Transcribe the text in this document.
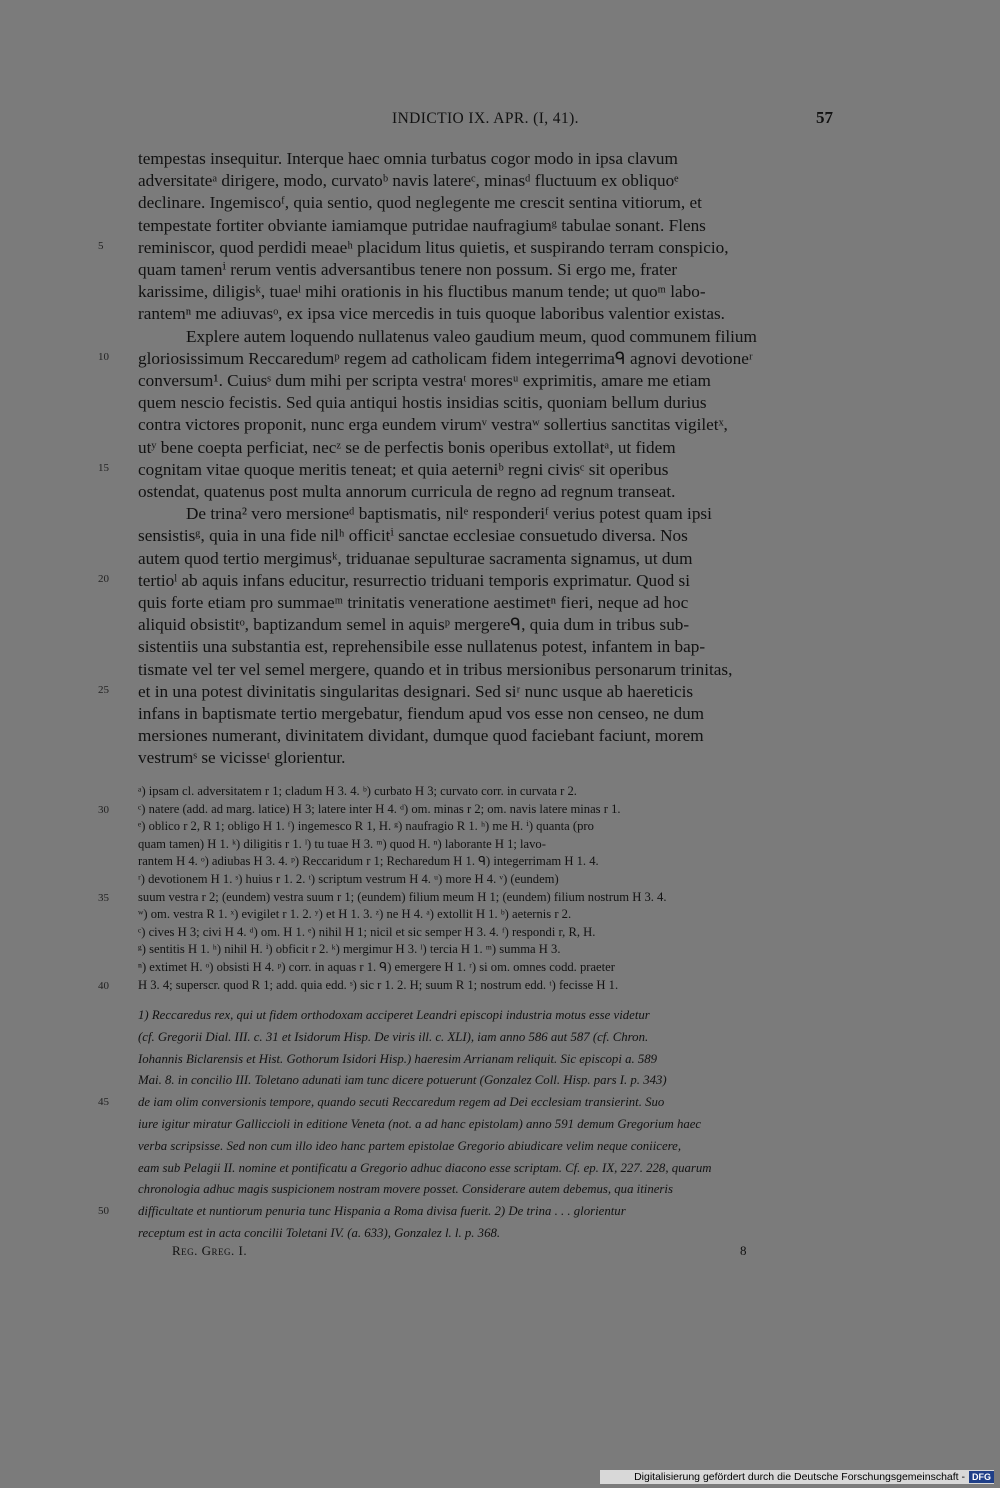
INDICTIO IX. APR. (I, 41).	57
tempestas insequitur. Interque haec omnia turbatus cogor modo in ipsa clavum
adversitateᵃ dirigere, modo, curvatoᵇ navis latereᶜ, minasᵈ fluctuum ex obliquoᵉ
declinare. Ingemiscoᶠ, quia sentio, quod neglegente me crescit sentina vitiorum, et
tempestate fortiter obviante iamiamque putridae naufragiumᵍ tabulae sonant. Flens
reminiscor, quod perdidi meaeʰ placidum litus quietis, et suspirando terram conspicio,
5
quam tamenⁱ rerum ventis adversantibus tenere non possum. Si ergo me, frater
karissime, diligisᵏ, tuaeˡ mihi orationis in his fluctibus manum tende; ut quoᵐ labo-
rantemⁿ me adiuvasᵒ, ex ipsa vice mercedis in tuis quoque laboribus valentior existas.
Explere autem loquendo nullatenus valeo gaudium meum, quod communem filium
gloriosissimum Reccaredumᵖ regem ad catholicam fidem integerrimaᑫ agnovi devotioneʳ
10
conversum¹. Cuiusˢ dum mihi per scripta vestraᵗ moresᵘ exprimitis, amare me etiam
quem nescio fecistis. Sed quia antiqui hostis insidias scitis, quoniam bellum durius
contra victores proponit, nunc erga eundem virumᵛ vestraʷ sollertius sanctitas vigiletˣ,
utʸ bene coepta perficiat, necᶻ se de perfectis bonis operibus extollatᵃ, ut fidem
cognitam vitae quoque meritis teneat; et quia aeterniᵇ regni civisᶜ sit operibus
15
ostendat, quatenus post multa annorum curricula de regno ad regnum transeat.
De trina² vero mersioneᵈ baptismatis, nilᵉ responderiᶠ verius potest quam ipsi
sensistisᵍ, quia in una fide nilʰ officitⁱ sanctae ecclesiae consuetudo diversa. Nos
autem quod tertio mergimusᵏ, triduanae sepulturae sacramenta signamus, ut dum
tertioˡ ab aquis infans educitur, resurrectio triduani temporis exprimatur. Quod si
20
quis forte etiam pro summaeᵐ trinitatis veneratione aestimetⁿ fieri, neque ad hoc
aliquid obsistitᵒ, baptizandum semel in aquisᵖ mergereᑫ, quia dum in tribus sub-
sistentiis una substantia est, reprehensibile esse nullatenus potest, infantem in bap-
tismate vel ter vel semel mergere, quando et in tribus mersionibus personarum trinitas,
et in una potest divinitatis singularitas designari. Sed siʳ nunc usque ab haereticis
25
infans in baptismate tertio mergebatur, fiendum apud vos esse non censeo, ne dum
mersiones numerant, divinitatem dividant, dumque quod faciebant faciunt, morem
vestrumˢ se vicisseᵗ glorientur.
ᵃ) ipsam cl. adversitatem r 1; cladum H 3. 4. ᵇ) curbato H 3; curvato corr. in curvata r 2.
ᶜ) natere (add. ad marg. latice) H 3; latere inter H 4. ᵈ) om. minas r 2; om. navis latere minas r 1.
30
ᵉ) oblico r 2, R 1; obligo H 1. ᶠ) ingemesco R 1, H. ᵍ) naufragio R 1. ʰ) me H. ⁱ) quanta (pro
quam tamen) H 1. ᵏ) diligitis r 1. ˡ) tu tuae H 3. ᵐ) quod H. ⁿ) laborante H 1; lavo-
rantem H 4. ᵒ) adiubas H 3. 4. ᵖ) Reccaridum r 1; Recharedum H 1. ᑫ) integerrimam H 1. 4.
ʳ) devotionem H 1. ˢ) huius r 1. 2. ᵗ) scriptum vestrum H 4. ᵘ) more H 4. ᵛ) (eundem)
suum vestra r 2; (eundem) vestra suum r 1; (eundem) filium meum H 1; (eundem) filium nostrum H 3. 4.
35
ʷ) om. vestra R 1. ˣ) evigilet r 1. 2. ʸ) et H 1. 3. ᶻ) ne H 4. ᵃ) extollit H 1. ᵇ) aeternis r 2.
ᶜ) cives H 3; civi H 4. ᵈ) om. H 1. ᵉ) nihil H 1; nicil et sic semper H 3. 4. ᶠ) respondi r, R, H.
ᵍ) sentitis H 1. ʰ) nihil H. ⁱ) obficit r 2. ᵏ) mergimur H 3. ˡ) tercia H 1. ᵐ) summa H 3.
ⁿ) extimet H. ᵒ) obsisti H 4. ᵖ) corr. in aquas r 1. ᑫ) emergere H 1. ʳ) si om. omnes codd. praeter
H 3. 4; superscr. quod R 1; add. quia edd. ˢ) sic r 1. 2. H; suum R 1; nostrum edd. ᵗ) fecisse H 1.
40
1) Reccaredus rex, qui ut fidem orthodoxam acciperet Leandri episcopi industria motus esse videtur
(cf. Gregorii Dial. III. c. 31 et Isidorum Hisp. De viris ill. c. XLI), iam anno 586 aut 587 (cf. Chron.
Iohannis Biclarensis et Hist. Gothorum Isidori Hisp.) haeresim Arrianam reliquit. Sic episcopi a. 589
Mai. 8. in concilio III. Toletano adunati iam tunc dicere potuerunt (Gonzalez Coll. Hisp. pars I. p. 343)
de iam olim conversionis tempore, quando secuti Reccaredum regem ad Dei ecclesiam transierint. Suo
45
iure igitur miratur Galliccioli in editione Veneta (not. a ad hanc epistolam) anno 591 demum Gregorium haec
verba scripsisse. Sed non cum illo ideo hanc partem epistolae Gregorio abiudicare velim neque coniicere,
eam sub Pelagii II. nomine et pontificatu a Gregorio adhuc diacono esse scriptam. Cf. ep. IX, 227. 228, quarum
chronologia adhuc magis suspicionem nostram movere posset. Considerare autem debemus, qua itineris
difficultate et nuntiorum penuria tunc Hispania a Roma divisa fuerit. 2) De trina . . . glorientur
50
receptum est in acta concilii Toletani IV. (a. 633), Gonzalez l. l. p. 368.
Reg. Greg. I.	8
Digitalisierung gefördert durch die Deutsche Forschungsgemeinschaft - DFG
